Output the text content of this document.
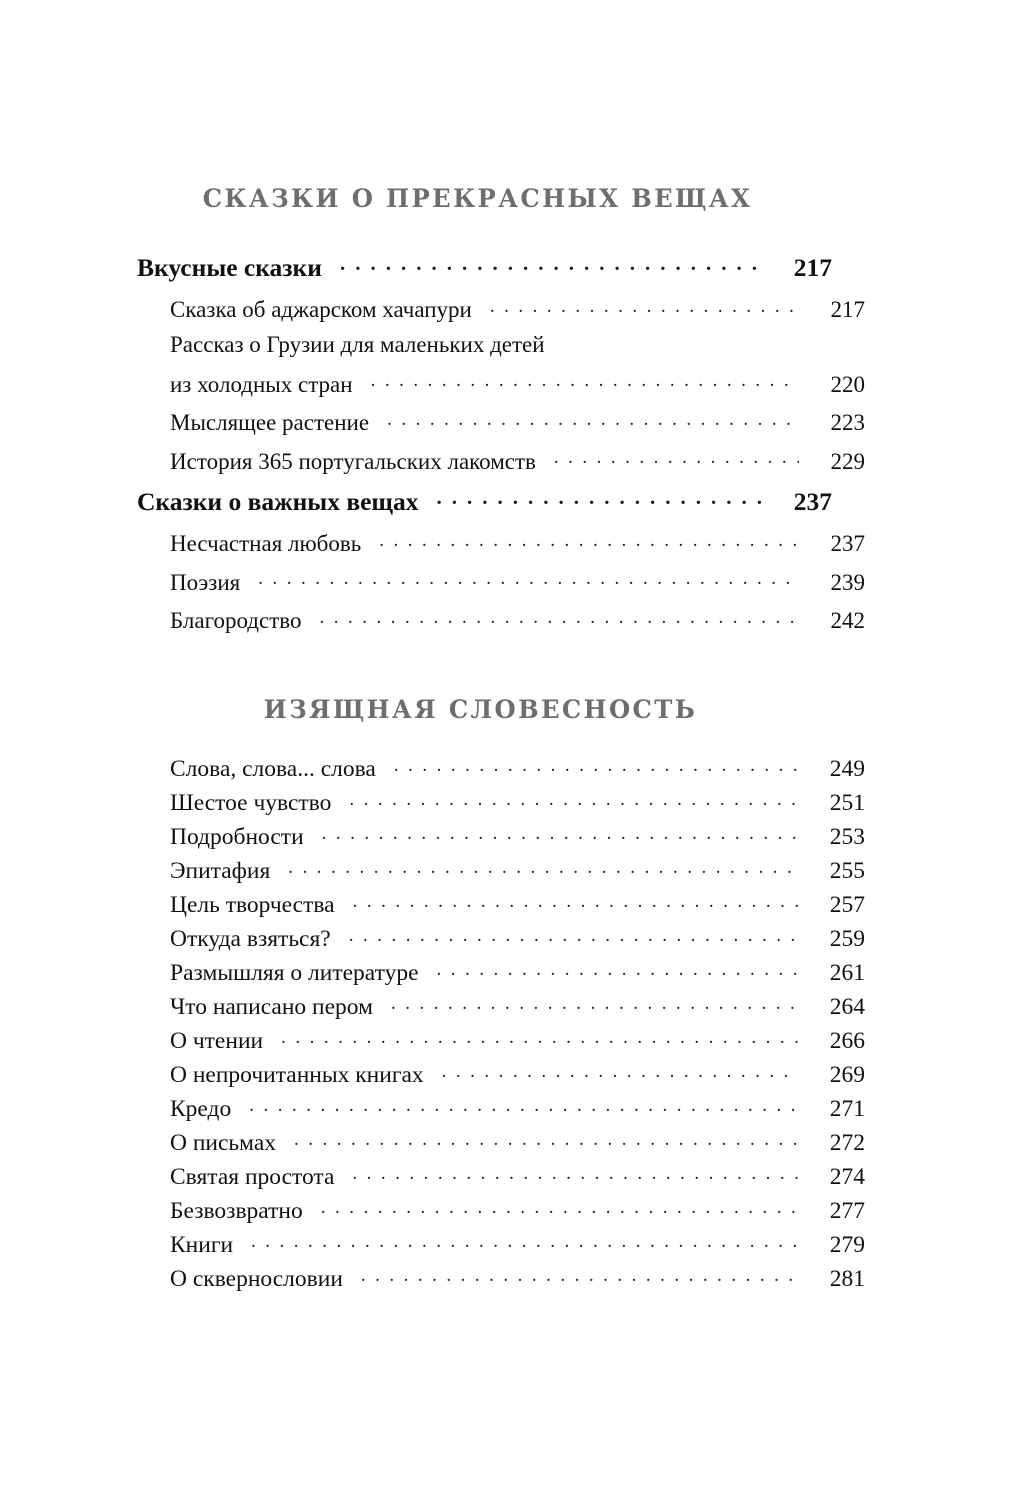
СКАЗКИ О ПРЕКРАСНЫХ ВЕЩАХ
Вкусные сказки .....	217
Сказка об аджарском хачапури .....	217
Рассказ о Грузии для маленьких детей
из холодных стран .....	220
Мыслящее растение .....	223
История 365 португальских лакомств .....	229
Сказки о важных вещах .....	237
Несчастная любовь .....	237
Поэзия .....	239
Благородство .....	242
ИЗЯЩНАЯ СЛОВЕСНОСТЬ
Слова, слова... слова .....	249
Шестое чувство .....	251
Подробности .....	253
Эпитафия .....	255
Цель творчества .....	257
Откуда взяться? .....	259
Размышляя о литературе .....	261
Что написано пером .....	264
О чтении .....	266
О непрочитанных книгах .....	269
Кредо .....	271
О письмах .....	272
Святая простота .....	274
Безвозвратно .....	277
Книги .....	279
О сквернословии .....	281
